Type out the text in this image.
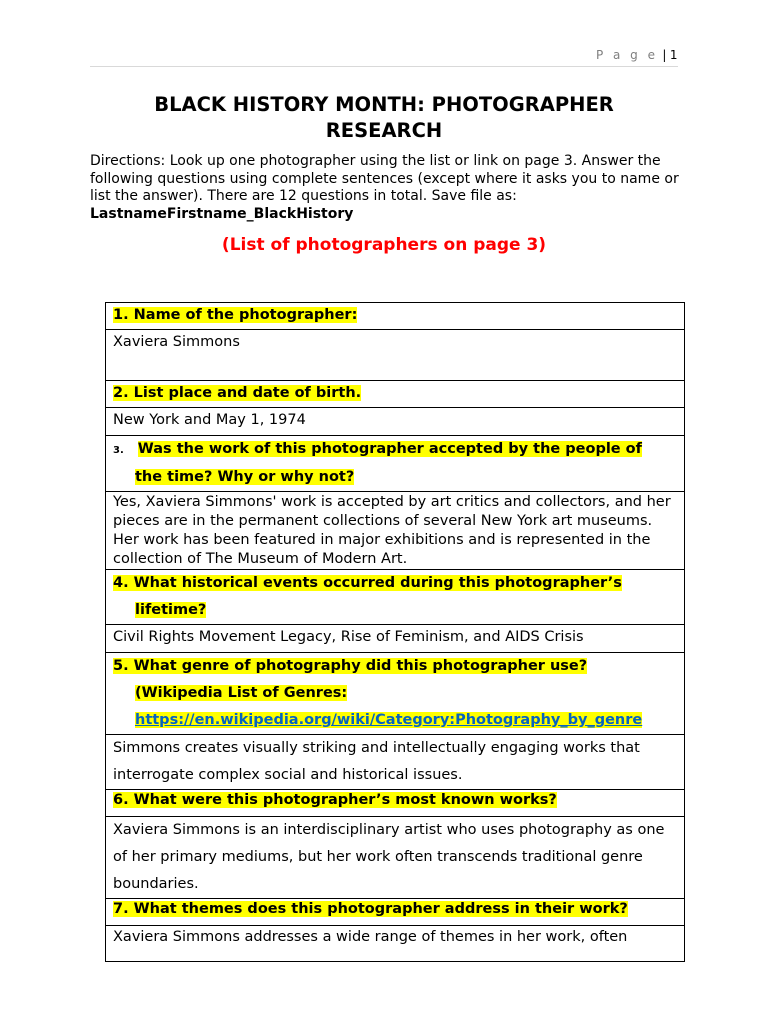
P a g e | 1
BLACK HISTORY MONTH: PHOTOGRAPHER
RESEARCH
Directions: Look up one photographer using the list or link on page 3. Answer the following questions using complete sentences (except where it asks you to name or list the answer). There are 12 questions in total. Save file as:
LastnameFirstname_BlackHistory
(List of photographers on page 3)
1. Name of the photographer:
Xaviera Simmons
2. List place and date of birth.
New York and May 1, 1974
3. Was the work of this photographer accepted by the people of
the time? Why or why not?
Yes, Xaviera Simmons' work is accepted by art critics and collectors, and her pieces are in the permanent collections of several New York art museums. Her work has been featured in major exhibitions and is represented in the collection of The Museum of Modern Art.
4. What historical events occurred during this photographer’s
lifetime?
Civil Rights Movement Legacy, Rise of Feminism, and AIDS Crisis
5. What genre of photography did this photographer use?
(Wikipedia List of Genres:
https://en.wikipedia.org/wiki/Category:Photography_by_genre
Simmons creates visually striking and intellectually engaging works that interrogate complex social and historical issues.
6. What were this photographer’s most known works?
Xaviera Simmons is an interdisciplinary artist who uses photography as one of her primary mediums, but her work often transcends traditional genre boundaries.
7. What themes does this photographer address in their work?
Xaviera Simmons addresses a wide range of themes in her work, often
